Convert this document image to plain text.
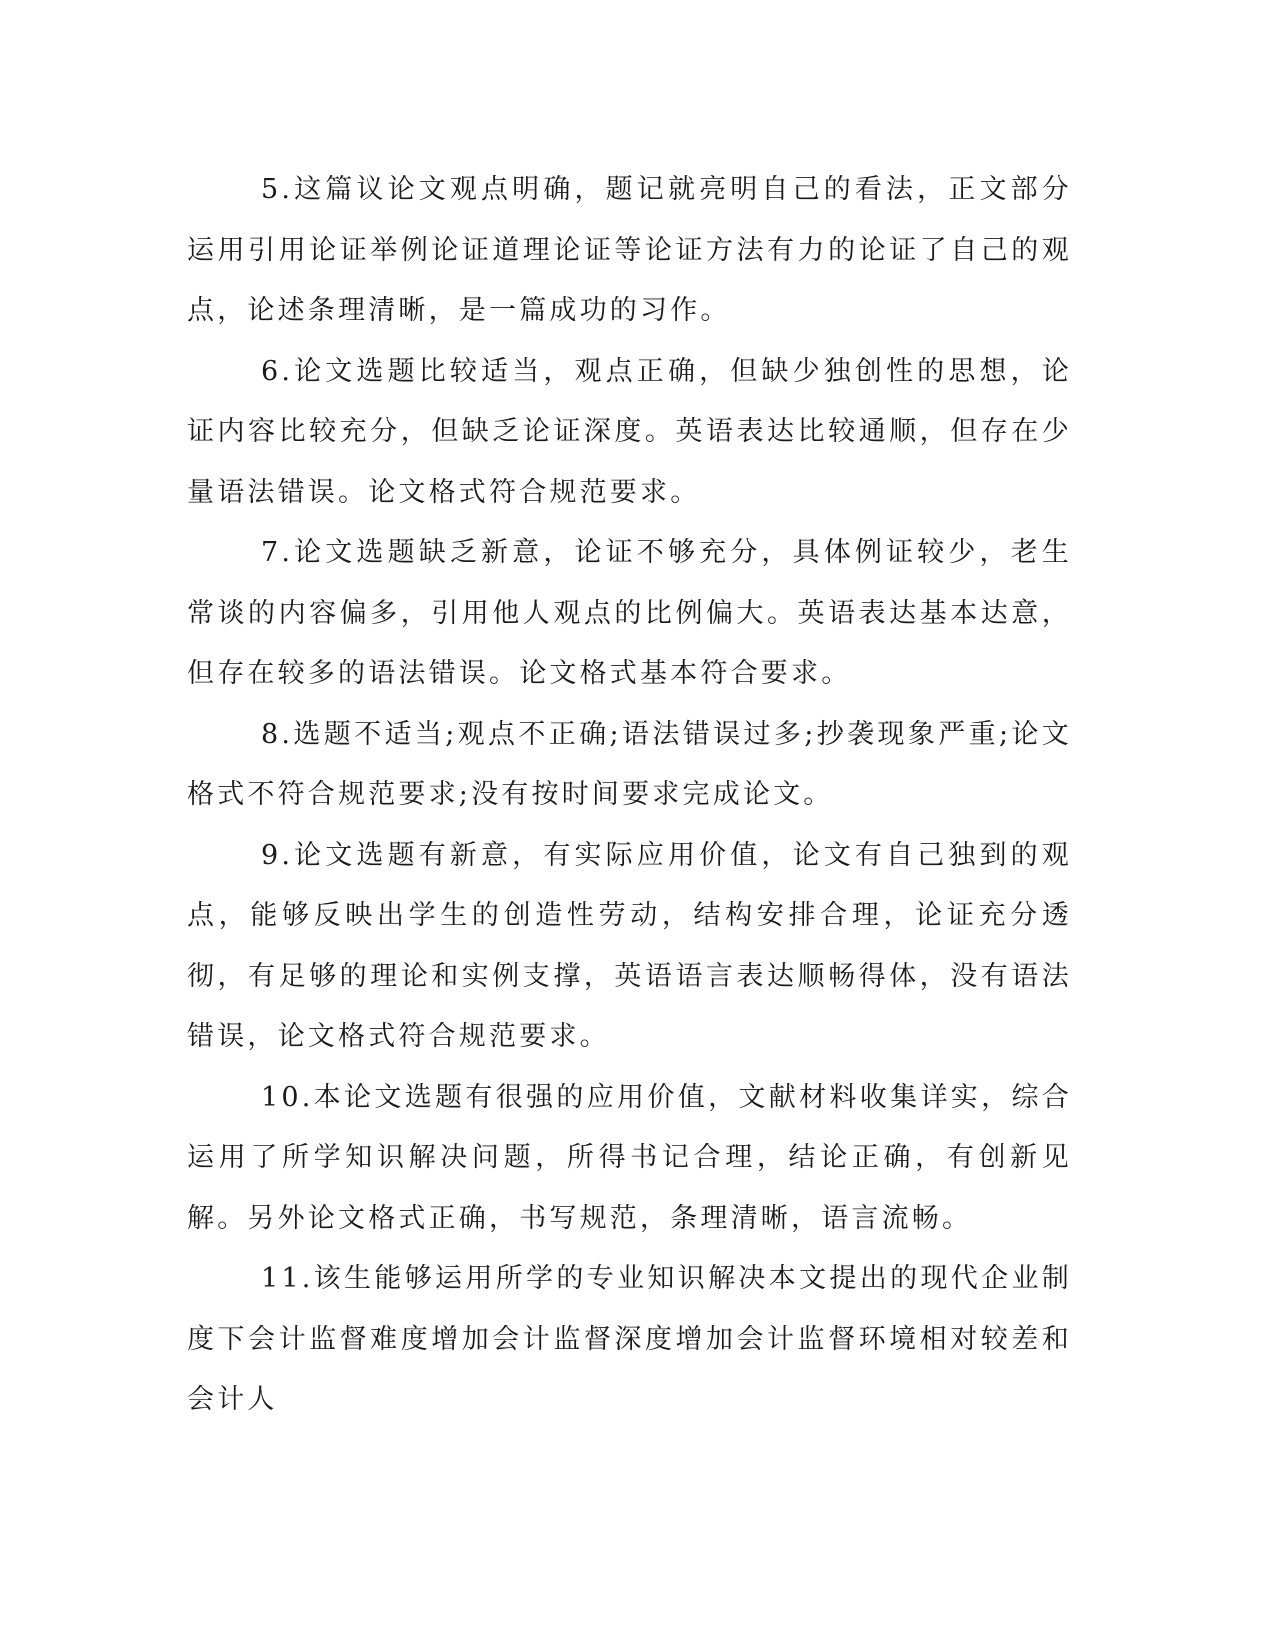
5.这篇议论文观点明确，题记就亮明自己的看法，正文部分运用引用论证举例论证道理论证等论证方法有力的论证了自己的观点，论述条理清晰，是一篇成功的习作。

6.论文选题比较适当，观点正确，但缺少独创性的思想，论证内容比较充分，但缺乏论证深度。英语表达比较通顺，但存在少量语法错误。论文格式符合规范要求。

7.论文选题缺乏新意，论证不够充分，具体例证较少，老生常谈的内容偏多，引用他人观点的比例偏大。英语表达基本达意，但存在较多的语法错误。论文格式基本符合要求。

8.选题不适当;观点不正确;语法错误过多;抄袭现象严重;论文格式不符合规范要求;没有按时间要求完成论文。

9.论文选题有新意，有实际应用价值，论文有自己独到的观点，能够反映出学生的创造性劳动，结构安排合理，论证充分透彻，有足够的理论和实例支撑，英语语言表达顺畅得体，没有语法错误，论文格式符合规范要求。

10.本论文选题有很强的应用价值，文献材料收集详实，综合运用了所学知识解决问题，所得书记合理，结论正确，有创新见解。另外论文格式正确，书写规范，条理清晰，语言流畅。

11.该生能够运用所学的专业知识解决本文提出的现代企业制度下会计监督难度增加会计监督深度增加会计监督环境相对较差和会计人
